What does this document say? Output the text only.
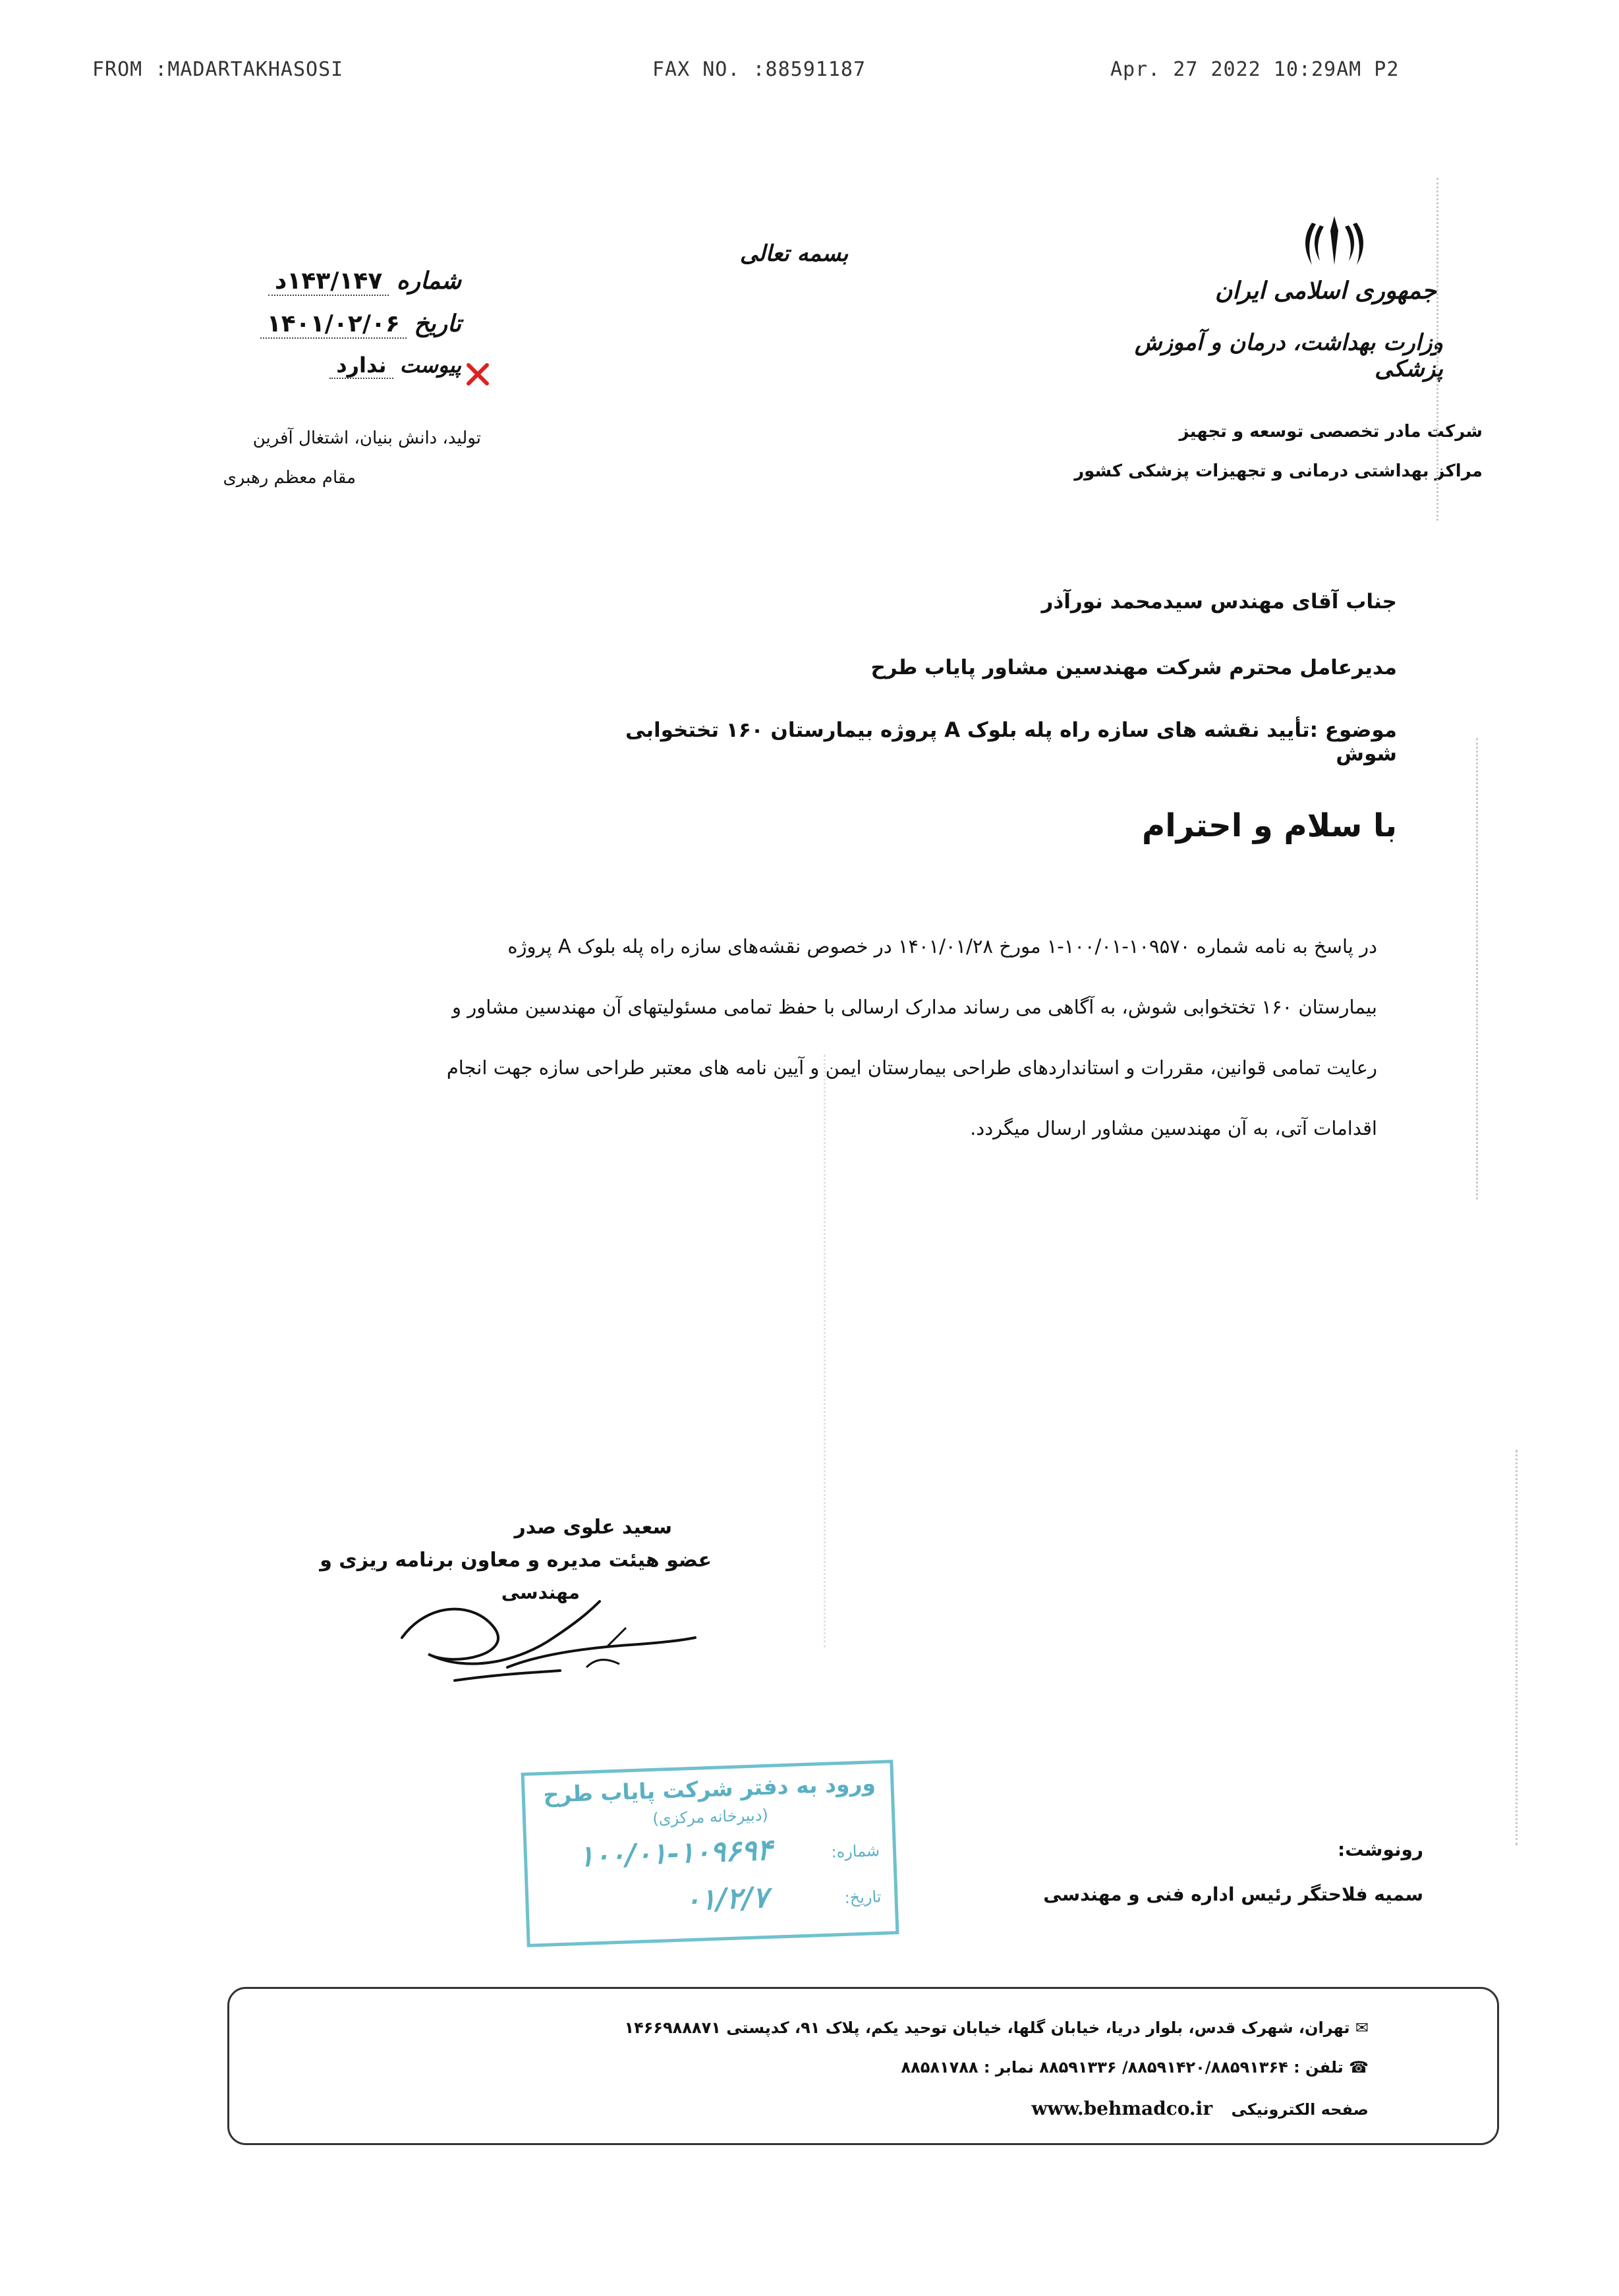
FROM :MADARTAKHASOSI	FAX NO. :88591187	Apr. 27 2022 10:29AM P2
بسمه تعالی
جمهوری اسلامی ایران
وزارت بهداشت، درمان و آموزش پزشکی
شرکت مادر تخصصی توسعه و تجهیز
مراکز بهداشتی درمانی و تجهیزات پزشکی کشور
شماره ۱۴۳/۱۴۷د
تاریخ ۱۴۰۱/۰۲/۰۶
پیوست ندارد
تولید، دانش بنیان، اشتغال آفرین
مقام معظم رهبری
جناب آقای مهندس سیدمحمد نورآذر
مدیرعامل محترم شرکت مهندسین مشاور پایاب طرح
موضوع :تأیید نقشه های سازه راه پله بلوک A پروژه بیمارستان ۱۶۰ تختخوابی شوش
با سلام و احترام
در پاسخ به نامه شماره ۱۰۹۵۷۰-۱۰۰/۰۱-۱ مورخ ۱۴۰۱/۰۱/۲۸ در خصوص نقشه‌های سازه راه پله بلوک A پروژه
بیمارستان ۱۶۰ تختخوابی شوش، به آگاهی می رساند مدارک ارسالی با حفظ تمامی مسئولیتهای آن مهندسین مشاور و
رعایت تمامی قوانین، مقررات و استانداردهای طراحی بیمارستان ایمن و آیین نامه های معتبر طراحی سازه جهت انجام
اقدامات آتی، به آن مهندسین مشاور ارسال میگردد.
سعید علوی صدر
عضو هیئت مدیره و معاون برنامه ریزی و
مهندسی
ورود به دفتر شرکت پایاب طرح
(دبیرخانه مرکزی)
شماره:
۱۰۰/۰۱-۱۰۹۶۹۴
تاریخ:
۰۱/۲/۷
رونوشت:
سمیه فلاحتگر رئیس اداره فنی و مهندسی
✉ تهران، شهرک قدس، بلوار دریا، خیابان گلها، خیابان توحید یکم، پلاک ۹۱، کدپستی ۱۴۶۶۹۸۸۸۷۱
☎ تلفن : ۸۸۵۹۱۴۲۰/۸۸۵۹۱۳۶۴/ ۸۸۵۹۱۳۳۶ نمابر : ۸۸۵۸۱۷۸۸
صفحه الکترونیکی www.behmadco.ir
